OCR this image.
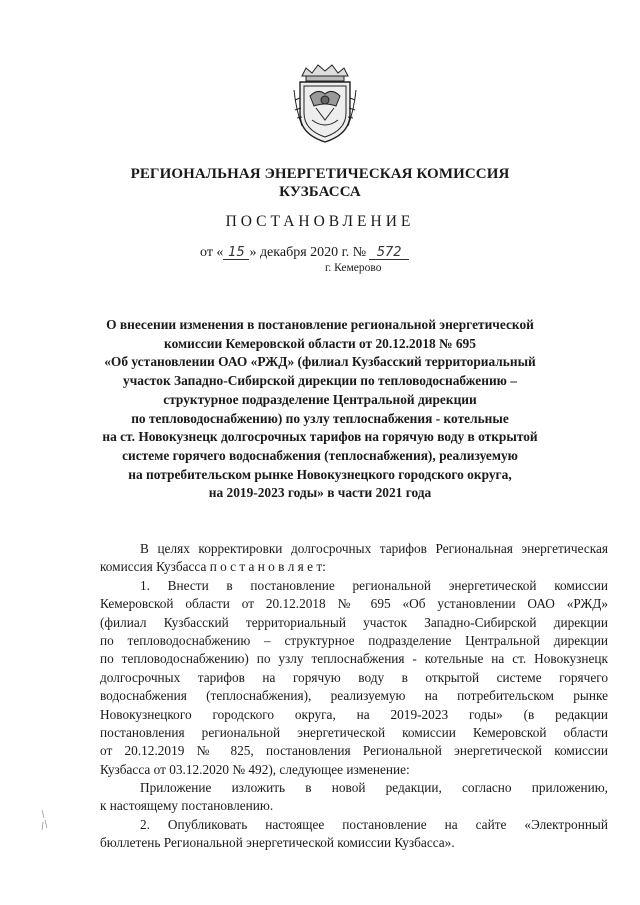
РЕГИОНАЛЬНАЯ ЭНЕРГЕТИЧЕСКАЯ КОМИССИЯ
КУЗБАССА
ПОСТАНОВЛЕНИЕ
от « 15 » декабря 2020 г. № 572
г. Кемерово
О внесении изменения в постановление региональной энергетической
комиссии Кемеровской области от 20.12.2018 № 695
«Об установлении ОАО «РЖД» (филиал Кузбасский территориальный
участок Западно-Сибирской дирекции по тепловодоснабжению –
структурное подразделение Центральной дирекции
по тепловодоснабжению) по узлу теплоснабжения - котельные
на ст. Новокузнецк долгосрочных тарифов на горячую воду в открытой
системе горячего водоснабжения (теплоснабжения), реализуемую
на потребительском рынке Новокузнецкого городского округа,
на 2019-2023 годы» в части 2021 года
В целях корректировки долгосрочных тарифов Региональная энергетическая
комиссия Кузбасса п о с т а н о в л я е т:
1. Внести в постановление региональной энергетической комиссии
Кемеровской области от 20.12.2018 № 695 «Об установлении ОАО «РЖД»
(филиал Кузбасский территориальный участок Западно-Сибирской дирекции
по тепловодоснабжению – структурное подразделение Центральной дирекции
по тепловодоснабжению) по узлу теплоснабжения - котельные на ст. Новокузнецк
долгосрочных тарифов на горячую воду в открытой системе горячего
водоснабжения (теплоснабжения), реализуемую на потребительском рынке
Новокузнецкого городского округа, на 2019-2023 годы» (в редакции
постановления региональной энергетической комиссии Кемеровской области
от 20.12.2019 № 825, постановления Региональной энергетической комиссии
Кузбасса от 03.12.2020 № 492), следующее изменение:
Приложение изложить в новой редакции, согласно приложению,
к настоящему постановлению.
2. Опубликовать настоящее постановление на сайте «Электронный
бюллетень Региональной энергетической комиссии Кузбасса».
